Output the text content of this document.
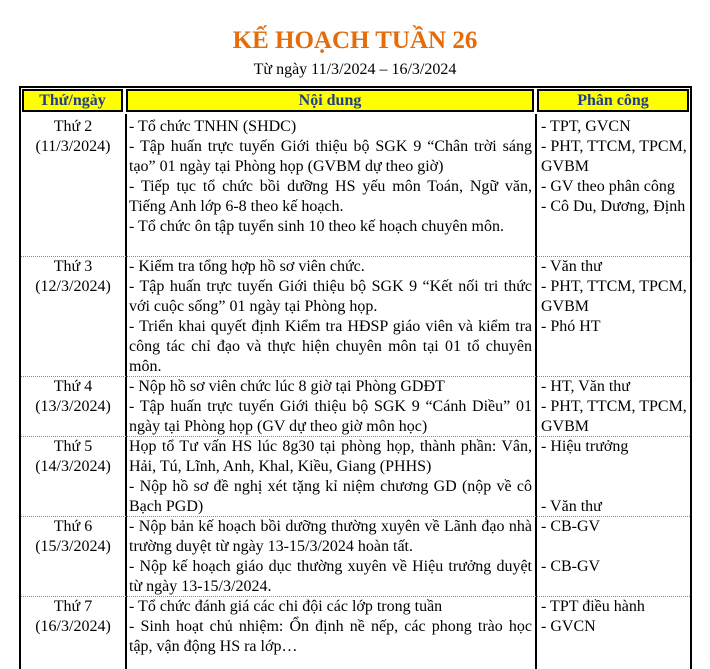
KẾ HOẠCH TUẦN 26
Từ ngày 11/3/2024 – 16/3/2024
Thứ/ngày	Nội dung	Phân công
Thứ 2
(11/3/2024)
- Tổ chức TNHN (SHDC)
- Tập huấn trực tuyến Giới thiệu bộ SGK 9 “Chân trời sáng tạo” 01 ngày tại Phòng họp (GVBM dự theo giờ)
- Tiếp tục tổ chức bồi dưỡng HS yếu môn Toán, Ngữ văn, Tiếng Anh lớp 6-8 theo kế hoạch.
- Tổ chức ôn tập tuyển sinh 10 theo kế hoạch chuyên môn.
- TPT, GVCN
- PHT, TTCM, TPCM, GVBM
- GV theo phân công
- Cô Du, Dương, Định
Thứ 3
(12/3/2024)
- Kiểm tra tổng hợp hồ sơ viên chức.
- Tập huấn trực tuyến Giới thiệu bộ SGK 9 “Kết nối tri thức với cuộc sống” 01 ngày tại Phòng họp.
- Triển khai quyết định Kiểm tra HĐSP giáo viên và kiểm tra công tác chỉ đạo và thực hiện chuyên môn tại 01 tổ chuyên môn.
- Văn thư
- PHT, TTCM, TPCM, GVBM
- Phó HT
Thứ 4
(13/3/2024)
- Nộp hồ sơ viên chức lúc 8 giờ tại Phòng GDĐT
- Tập huấn trực tuyến Giới thiệu bộ SGK 9 “Cánh Diều” 01 ngày tại Phòng họp (GV dự theo giờ môn học)
- HT, Văn thư
- PHT, TTCM, TPCM, GVBM
Thứ 5
(14/3/2024)
Họp tổ Tư vấn HS lúc 8g30 tại phòng họp, thành phần: Vân, Hải, Tú, Lĩnh, Anh, Khal, Kiều, Giang (PHHS)
- Nộp hồ sơ đề nghị xét tặng kỉ niệm chương GD (nộp về cô Bạch PGD)
- Hiệu trưởng
- Văn thư
Thứ 6
(15/3/2024)
- Nộp bản kế hoạch bồi dưỡng thường xuyên về Lãnh đạo nhà trường duyệt từ ngày 13-15/3/2024 hoàn tất.
- Nộp kế hoạch giáo dục thường xuyên về Hiệu trưởng duyệt từ ngày 13-15/3/2024.
- CB-GV
- CB-GV
Thứ 7
(16/3/2024)
- Tổ chức đánh giá các chi đội các lớp trong tuần
- Sinh hoạt chủ nhiệm: Ổn định nề nếp, các phong trào học tập, vận động HS ra lớp…
- TPT điều hành
- GVCN
